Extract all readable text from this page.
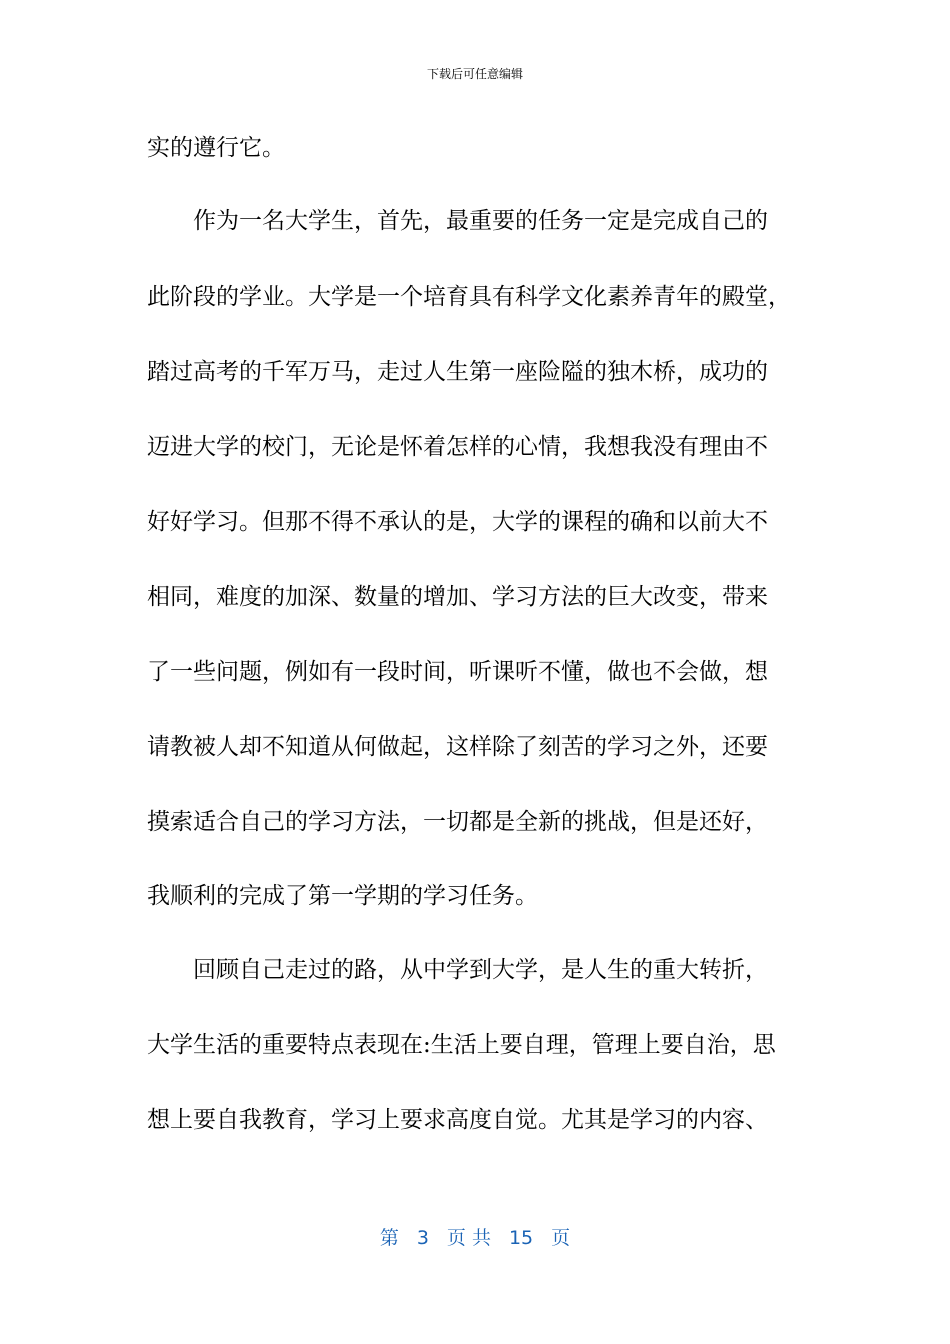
下载后可任意编辑
实的遵行它。
作为一名大学生，首先，最重要的任务一定是完成自己的
此阶段的学业。大学是一个培育具有科学文化素养青年的殿堂，
踏过高考的千军万马，走过人生第一座险隘的独木桥，成功的
迈进大学的校门，无论是怀着怎样的心情，我想我没有理由不
好好学习。但那不得不承认的是，大学的课程的确和以前大不
相同，难度的加深、数量的增加、学习方法的巨大改变，带来
了一些问题，例如有一段时间，听课听不懂，做也不会做，想
请教被人却不知道从何做起，这样除了刻苦的学习之外，还要
摸索适合自己的学习方法，一切都是全新的挑战，但是还好，
我顺利的完成了第一学期的学习任务。
回顾自己走过的路，从中学到大学，是人生的重大转折，
大学生活的重要特点表现在:生活上要自理，管理上要自治，思
想上要自我教育，学习上要求高度自觉。尤其是学习的内容、
第 3 页 共 15 页
